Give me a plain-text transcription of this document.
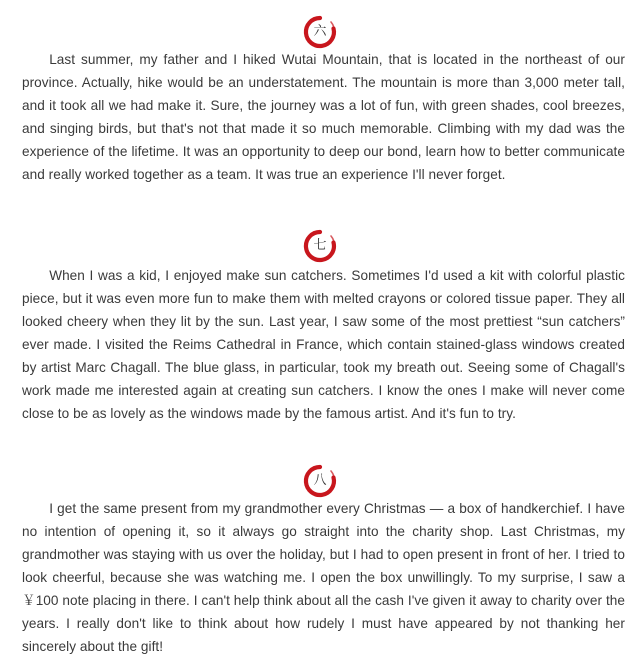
六

Last summer, my father and I hiked Wutai Mountain, that is located in the northeast of our province. Actually, hike would be an understatement. The mountain is more than 3,000 meter tall, and it took all we had make it. Sure, the journey was a lot of fun, with green shades, cool breezes, and singing birds, but that's not that made it so much memorable. Climbing with my dad was the experience of the lifetime. It was an opportunity to deep our bond, learn how to better communicate and really worked together as a team. It was true an experience I'll never forget.

七

When I was a kid, I enjoyed make sun catchers. Sometimes I'd used a kit with colorful plastic piece, but it was even more fun to make them with melted crayons or colored tissue paper. They all looked cheery when they lit by the sun. Last year, I saw some of the most prettiest “sun catchers” ever made. I visited the Reims Cathedral in France, which contain stained-glass windows created by artist Marc Chagall. The blue glass, in particular, took my breath out. Seeing some of Chagall's work made me interested again at creating sun catchers. I know the ones I make will never come close to be as lovely as the windows made by the famous artist. And it's fun to try.

八

I get the same present from my grandmother every Christmas — a box of handkerchief. I have no intention of opening it, so it always go straight into the charity shop. Last Christmas, my grandmother was staying with us over the holiday, but I had to open present in front of her. I tried to look cheerful, because she was watching me. I open the box unwillingly. To my surprise, I saw a ￥100 note placing in there. I can't help think about all the cash I've given it away to charity over the years. I really don't like to think about how rudely I must have appeared by not thanking her sincerely about the gift!
